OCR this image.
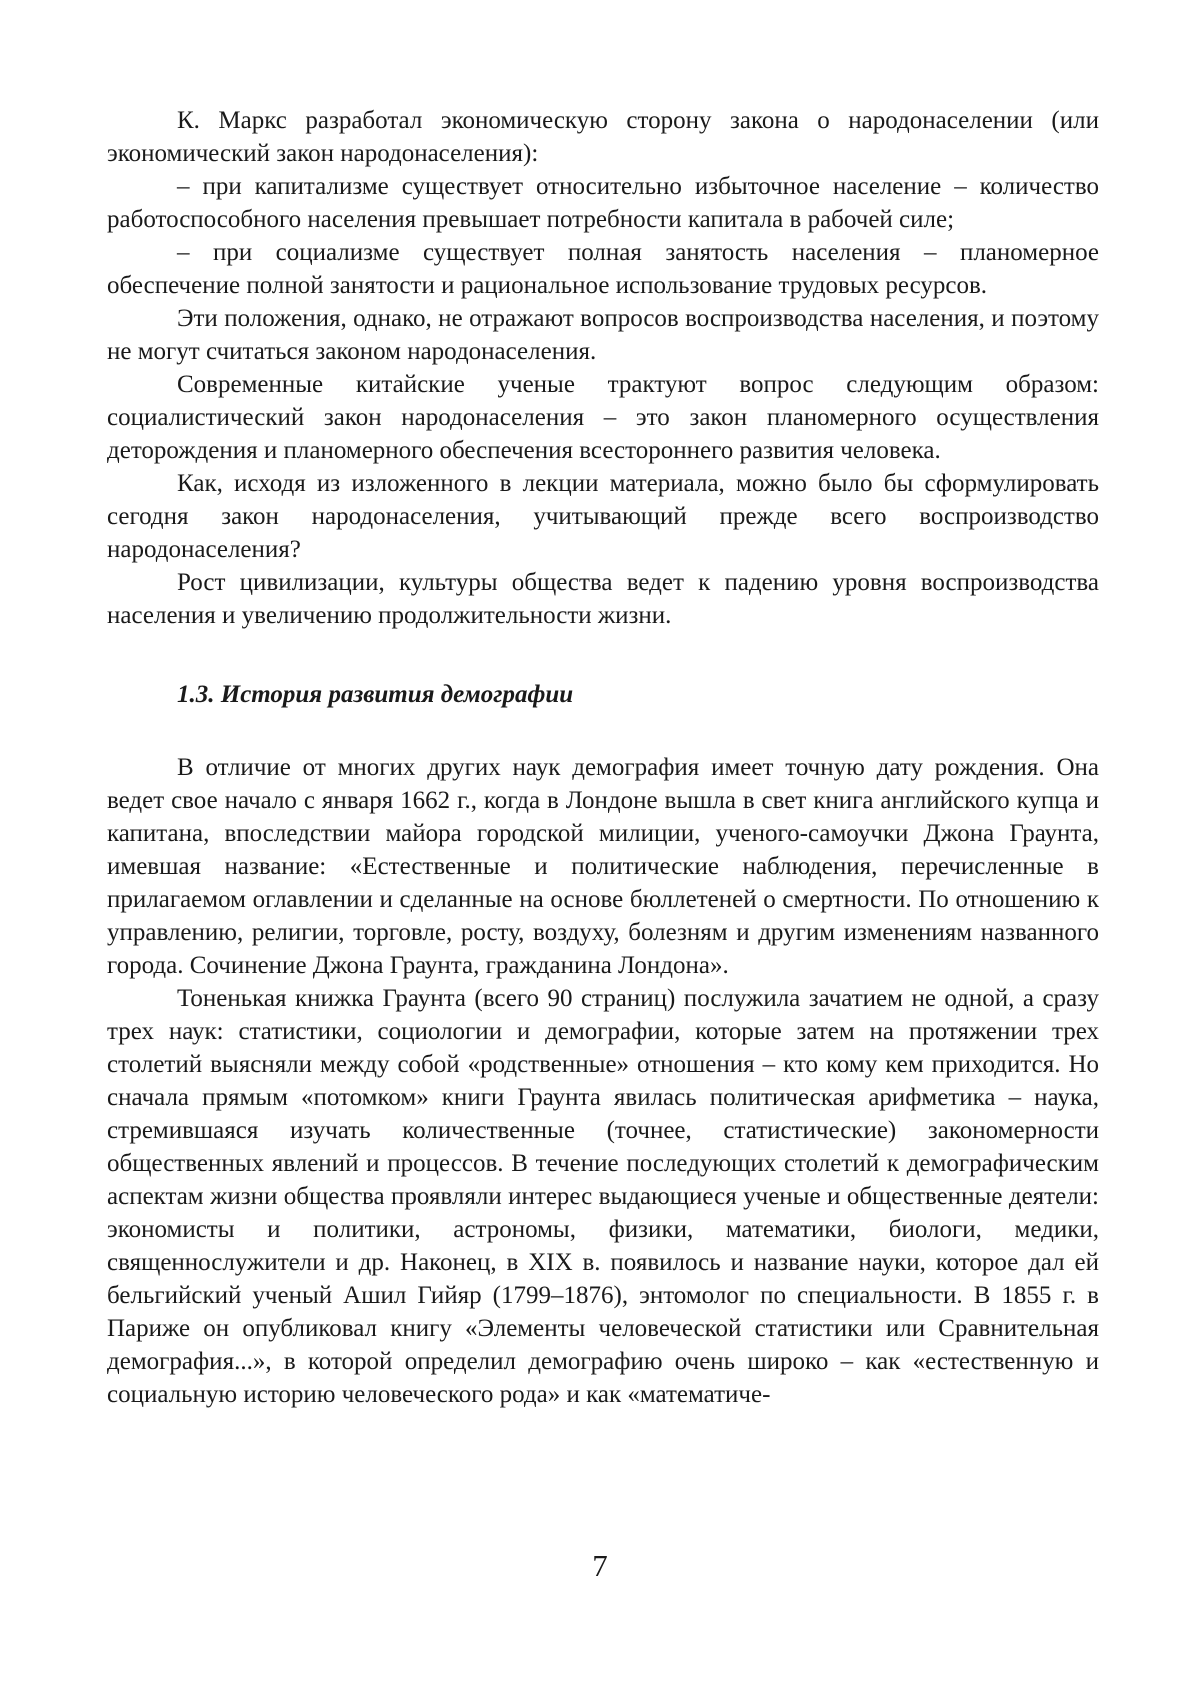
К. Маркс разработал экономическую сторону закона о народонаселении (или экономический закон народонаселения):

– при капитализме существует относительно избыточное население – количество работоспособного населения превышает потребности капитала в рабочей силе;

– при социализме существует полная занятость населения – планомерное обеспечение полной занятости и рациональное использование трудовых ресурсов.

Эти положения, однако, не отражают вопросов воспроизводства населения, и поэтому не могут считаться законом народонаселения.

Современные китайские ученые трактуют вопрос следующим образом: социалистический закон народонаселения – это закон планомерного осуществления деторождения и планомерного обеспечения всестороннего развития человека.

Как, исходя из изложенного в лекции материала, можно было бы сформулировать сегодня закон народонаселения, учитывающий прежде всего воспроизводство народонаселения?

Рост цивилизации, культуры общества ведет к падению уровня воспроизводства населения и увеличению продолжительности жизни.

1.3. История развития демографии

В отличие от многих других наук демография имеет точную дату рождения. Она ведет свое начало с января 1662 г., когда в Лондоне вышла в свет книга английского купца и капитана, впоследствии майора городской милиции, ученого-самоучки Джона Граунта, имевшая название: «Естественные и политические наблюдения, перечисленные в прилагаемом оглавлении и сделанные на основе бюллетеней о смертности. По отношению к управлению, религии, торговле, росту, воздуху, болезням и другим изменениям названного города. Сочинение Джона Граунта, гражданина Лондона».

Тоненькая книжка Граунта (всего 90 страниц) послужила зачатием не одной, а сразу трех наук: статистики, социологии и демографии, которые затем на протяжении трех столетий выясняли между собой «родственные» отношения – кто кому кем приходится. Но сначала прямым «потомком» книги Граунта явилась политическая арифметика – наука, стремившаяся изучать количественные (точнее, статистические) закономерности общественных явлений и процессов. В течение последующих столетий к демографическим аспектам жизни общества проявляли интерес выдающиеся ученые и общественные деятели: экономисты и политики, астрономы, физики, математики, биологи, медики, священнослужители и др. Наконец, в XIX в. появилось и название науки, которое дал ей бельгийский ученый Ашил Гийяр (1799–1876), энтомолог по специальности. В 1855 г. в Париже он опубликовал книгу «Элементы человеческой статистики или Сравнительная демография...», в которой определил демографию очень широко – как «естественную и социальную историю человеческого рода» и как «математиче-

7
